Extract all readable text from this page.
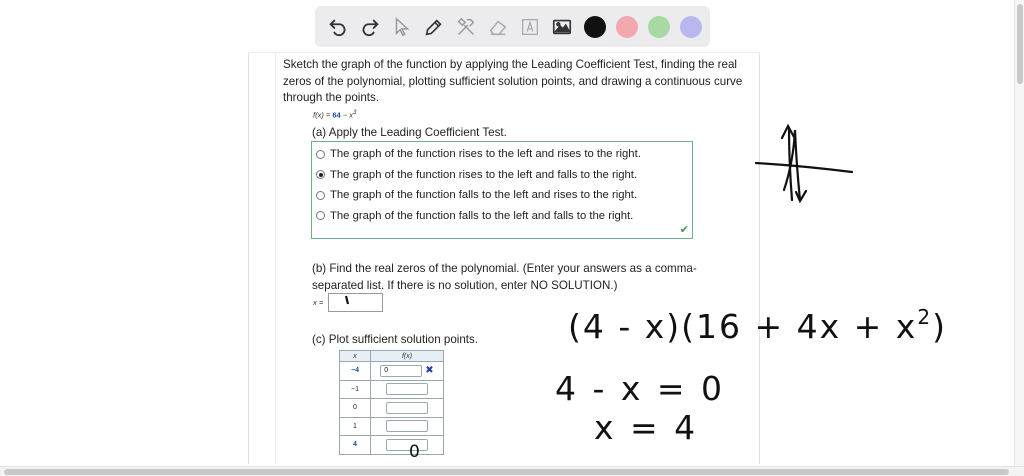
Sketch the graph of the function by applying the Leading Coefficient Test, finding the real zeros of the polynomial, plotting sufficient solution points, and drawing a continuous curve through the points.
$f(x) = 64 - x^3$
(a) Apply the Leading Coefficient Test.
The graph of the function rises to the left and rises to the right.
The graph of the function rises to the left and falls to the right.
The graph of the function falls to the left and rises to the right.
The graph of the function falls to the left and falls to the right.
✔
(b) Find the real zeros of the polynomial. (Enter your answers as a comma-separated list. If there is no solution, enter NO SOLUTION.)
x =
(c) Plot sufficient solution points.
x	f(x)
−4	0 ✖
−1	
0	
1	
4		0
$(4 - x)(16 + 4x + x^2)$
4 - x = 0
x = 4
